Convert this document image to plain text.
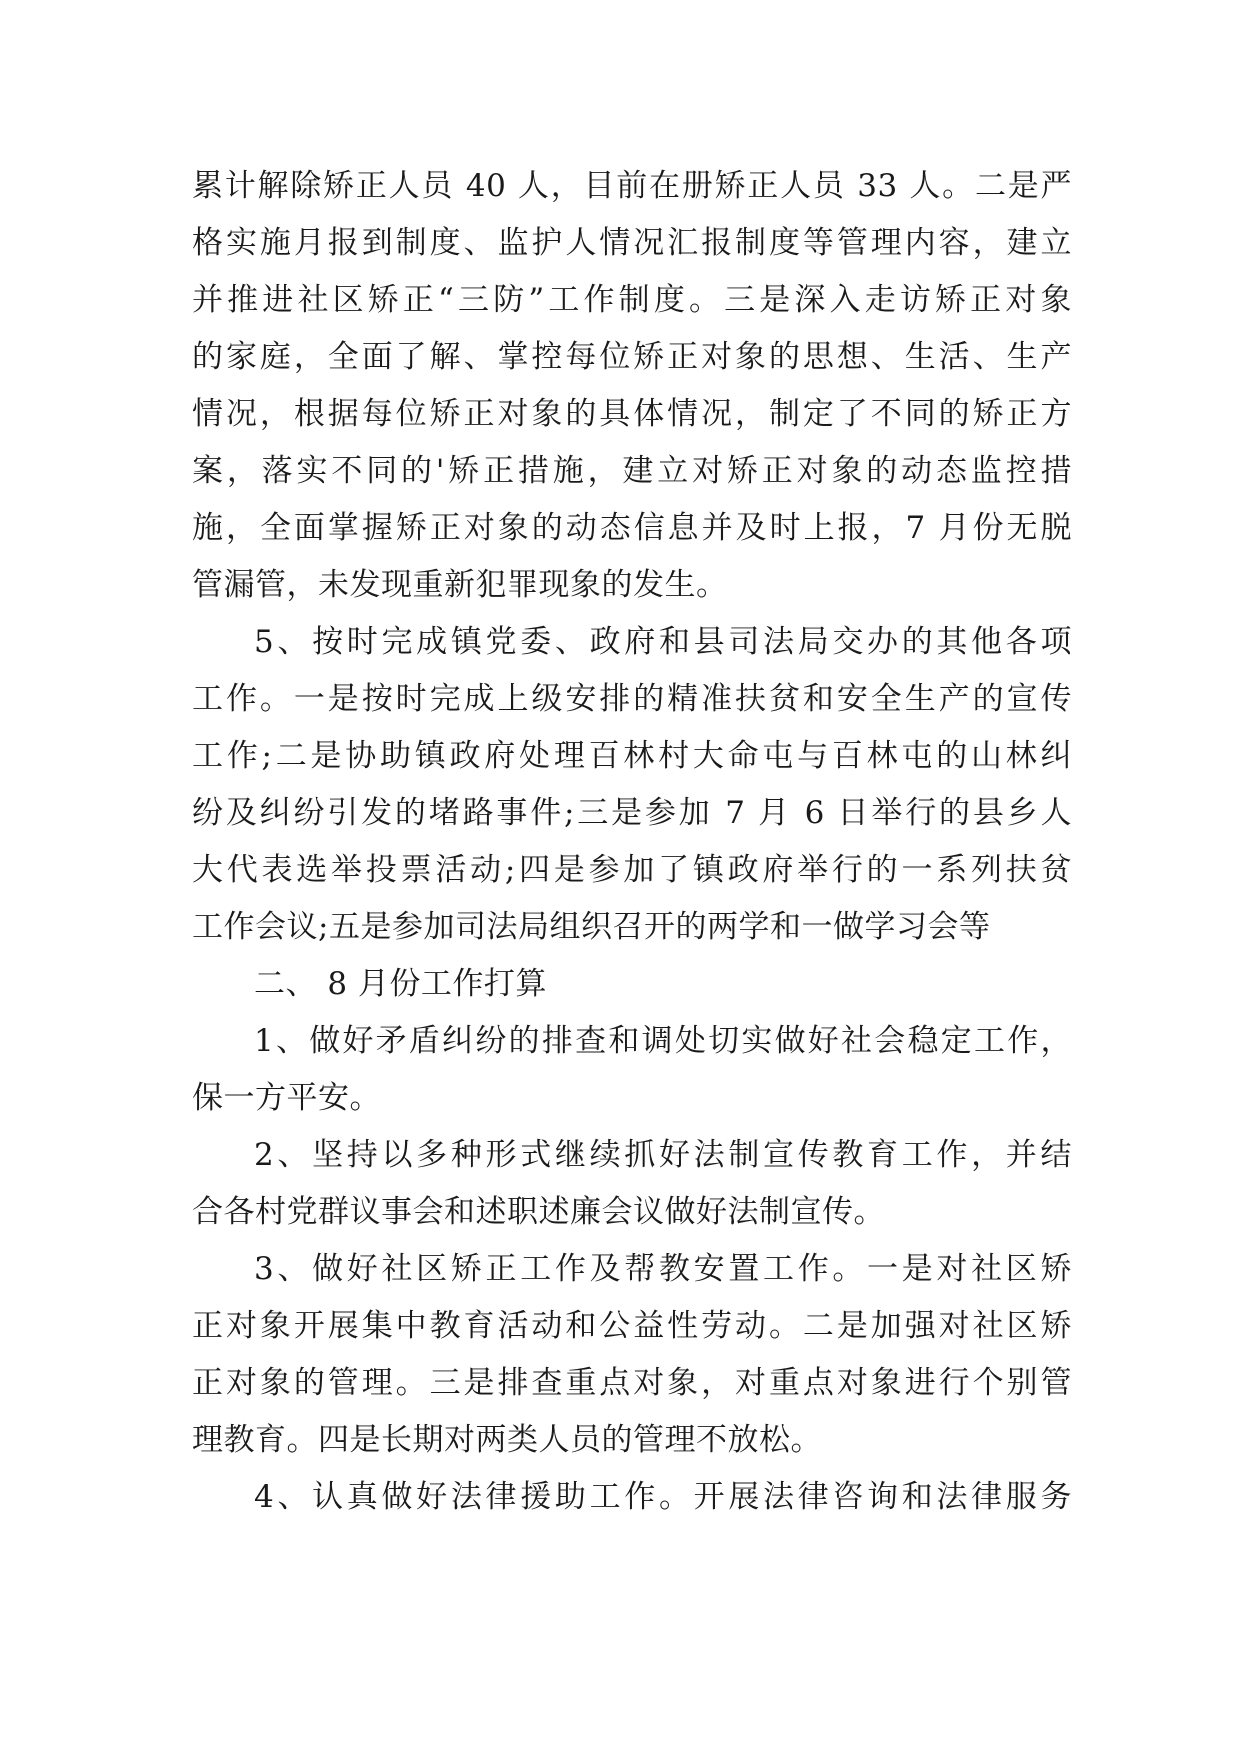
累计解除矫正人员 40 人，目前在册矫正人员 33 人。二是严
格实施月报到制度、监护人情况汇报制度等管理内容，建立
并推进社区矫正“三防”工作制度。三是深入走访矫正对象
的家庭，全面了解、掌控每位矫正对象的思想、生活、生产
情况，根据每位矫正对象的具体情况，制定了不同的矫正方
案，落实不同的'矫正措施，建立对矫正对象的动态监控措
施，全面掌握矫正对象的动态信息并及时上报，7 月份无脱
管漏管，未发现重新犯罪现象的发生。
5、按时完成镇党委、政府和县司法局交办的其他各项
工作。一是按时完成上级安排的精准扶贫和安全生产的宣传
工作;二是协助镇政府处理百林村大命屯与百林屯的山林纠
纷及纠纷引发的堵路事件;三是参加 7 月 6 日举行的县乡人
大代表选举投票活动;四是参加了镇政府举行的一系列扶贫
工作会议;五是参加司法局组织召开的两学和一做学习会等
二、 8 月份工作打算
1、做好矛盾纠纷的排查和调处切实做好社会稳定工作，
保一方平安。
2、坚持以多种形式继续抓好法制宣传教育工作，并结
合各村党群议事会和述职述廉会议做好法制宣传。
3、做好社区矫正工作及帮教安置工作。一是对社区矫
正对象开展集中教育活动和公益性劳动。二是加强对社区矫
正对象的管理。三是排查重点对象，对重点对象进行个别管
理教育。四是长期对两类人员的管理不放松。
4、认真做好法律援助工作。开展法律咨询和法律服务
